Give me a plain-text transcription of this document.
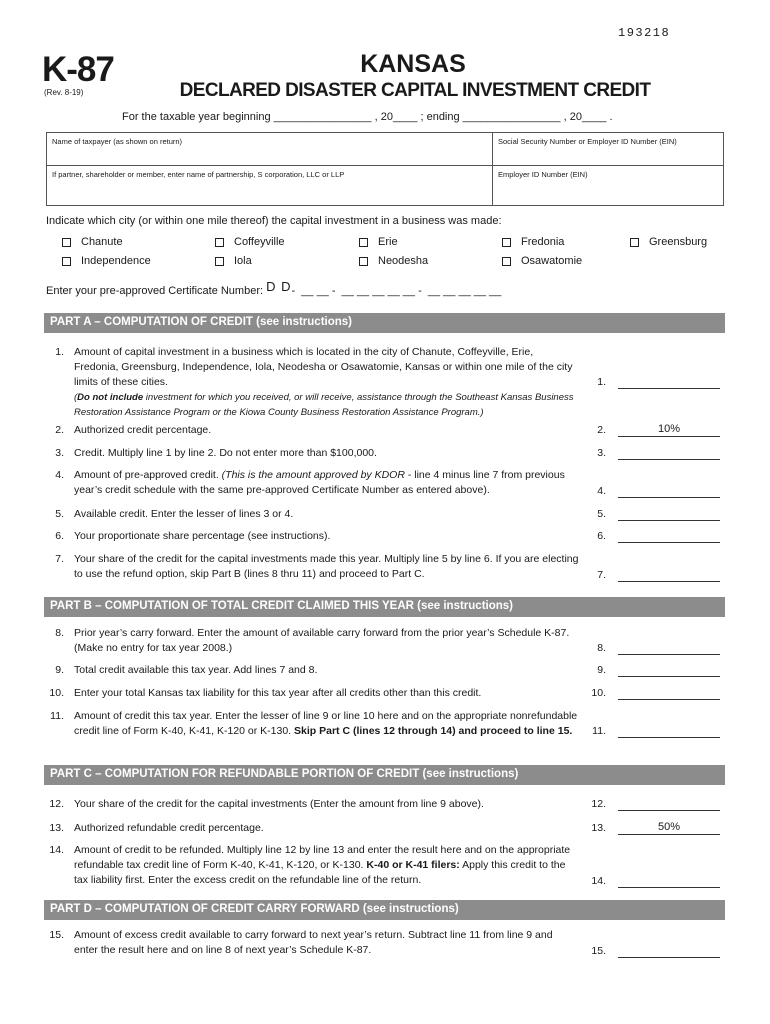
193218
K-87
(Rev. 8-19)
KANSAS
DECLARED DISASTER CAPITAL INVESTMENT CREDIT
For the taxable year beginning ________________ , 20____ ; ending ________________ , 20____ .
Name of taxpayer (as shown on return)	Social Security Number or Employer ID Number (EIN)
If partner, shareholder or member, enter name of partnership, S corporation, LLC or LLP	Employer ID Number (EIN)
Indicate which city (or within one mile thereof) the capital investment in a business was made:
Chanute	Coffeyville	Erie	Fredonia	Greensburg
Independence	Iola	Neodesha	Osawatomie
Enter your pre-approved Certificate Number: D D-  __ __ -  __ __ __ __ __ -  __ __ __ __ __
PART A – COMPUTATION OF CREDIT (see instructions)
1. Amount of capital investment in a business which is located in the city of Chanute, Coffeyville, Erie, Fredonia, Greensburg, Independence, Iola, Neodesha or Osawatomie, Kansas or within one mile of the city limits of these cities.
(Do not include investment for which you received, or will receive, assistance through the Southeast Kansas Business Restoration Assistance Program or the Kiowa County Business Restoration Assistance Program.)
1.
2. Authorized credit percentage.	2.	10%
3. Credit. Multiply line 1 by line 2. Do not enter more than $100,000.	3.
4. Amount of pre-approved credit. (This is the amount approved by KDOR - line 4 minus line 7 from previous year’s credit schedule with the same pre-approved Certificate Number as entered above).	4.
5. Available credit. Enter the lesser of lines 3 or 4.	5.
6. Your proportionate share percentage (see instructions).	6.
7. Your share of the credit for the capital investments made this year. Multiply line 5 by line 6. If you are electing to use the refund option, skip Part B (lines 8 thru 11) and proceed to Part C.	7.
PART B – COMPUTATION OF TOTAL CREDIT CLAIMED THIS YEAR (see instructions)
8. Prior year’s carry forward. Enter the amount of available carry forward from the prior year’s Schedule K-87. (Make no entry for tax year 2008.)	8.
9. Total credit available this tax year. Add lines 7 and 8.	9.
10. Enter your total Kansas tax liability for this tax year after all credits other than this credit.	10.
11. Amount of credit this tax year. Enter the lesser of line 9 or line 10 here and on the appropriate nonrefundable credit line of Form K-40, K-41, K-120 or K-130. Skip Part C (lines 12 through 14) and proceed to line 15.	11.
PART C – COMPUTATION FOR REFUNDABLE PORTION OF CREDIT (see instructions)
12. Your share of the credit for the capital investments (Enter the amount from line 9 above).	12.
13. Authorized refundable credit percentage.	13.	50%
14. Amount of credit to be refunded. Multiply line 12 by line 13 and enter the result here and on the appropriate refundable tax credit line of Form K-40, K-41, K-120, or K-130. K-40 or K-41 filers: Apply this credit to the tax liability first. Enter the excess credit on the refundable line of the return.	14.
PART D – COMPUTATION OF CREDIT CARRY FORWARD (see instructions)
15. Amount of excess credit available to carry forward to next year’s return. Subtract line 11 from line 9 and enter the result here and on line 8 of next year’s Schedule K-87.	15.
